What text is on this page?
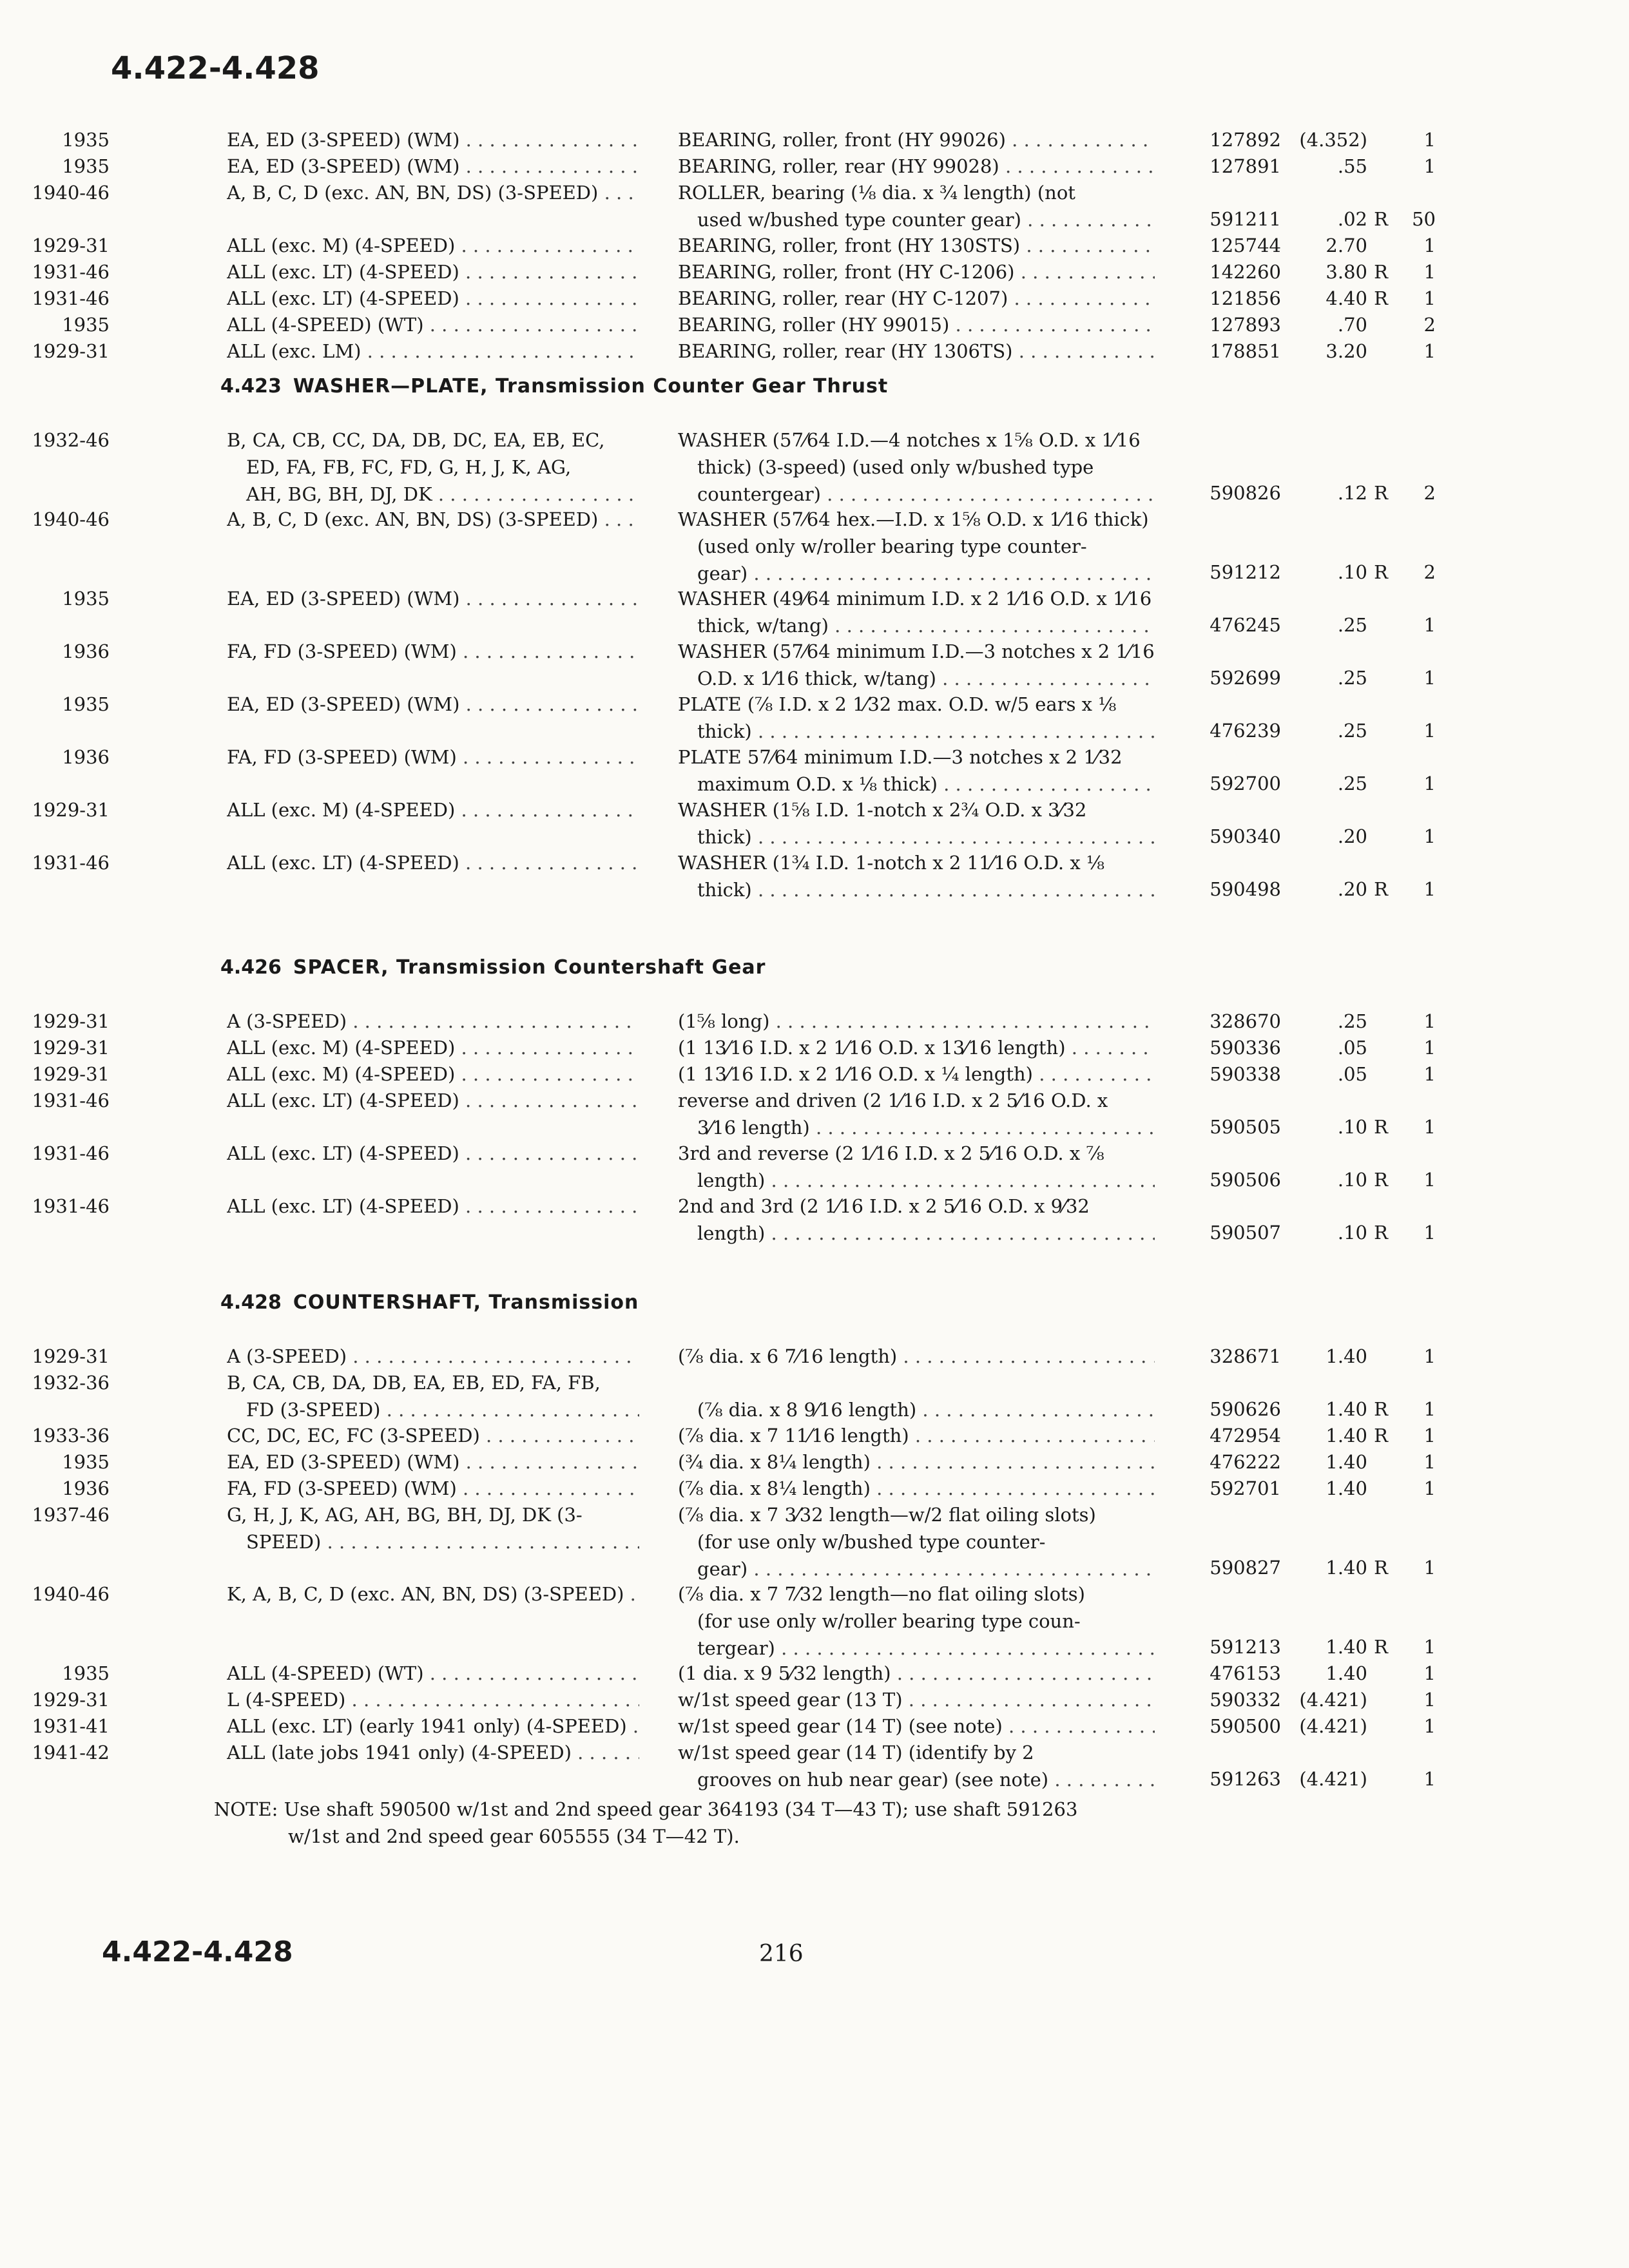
4.422-4.428
1935	EA, ED (3-SPEED) (WM) . . .	BEARING, roller, front (HY 99026) . . .	127892 (4.352)	1
1935	EA, ED (3-SPEED) (WM) . . .	BEARING, roller, rear (HY 99028) . . .	127891	.55	1
1940-46	A, B, C, D (exc. AN, BN, DS) (3-SPEED) . . .	ROLLER, bearing (⅛ dia. x ¾ length) (not
used w/bushed type counter gear) . . .	591211	.02 R	50
1929-31	ALL (exc. M) (4-SPEED) . . .	BEARING, roller, front (HY 130STS) . . .	125744	2.70	1
1931-46	ALL (exc. LT) (4-SPEED) . . .	BEARING, roller, front (HY C-1206) . . .	142260	3.80 R	1
1931-46	ALL (exc. LT) (4-SPEED) . . .	BEARING, roller, rear (HY C-1207) . . .	121856	4.40 R	1
1935	ALL (4-SPEED) (WT) . . .	BEARING, roller (HY 99015) . . .	127893	.70	2
1929-31	ALL (exc. LM) . . .	BEARING, roller, rear (HY 1306TS) . . .	178851	3.20	1
4.423 WASHER—PLATE, Transmission Counter Gear Thrust
1932-46	B, CA, CB, CC, DA, DB, DC, EA, EB, EC,
ED, FA, FB, FC, FD, G, H, J, K, AG,
AH, BG, BH, DJ, DK . . .
WASHER (57⁄64 I.D.—4 notches x 1⅝ O.D. x 1⁄16
thick) (3-speed) (used only w/bushed type
countergear) . . .	590826	.12 R	2
1940-46	A, B, C, D (exc. AN, BN, DS) (3-SPEED) . . .	WASHER (57⁄64 hex.—I.D. x 1⅝ O.D. x 1⁄16 thick)
(used only w/roller bearing type counter-
gear) . . .	591212	.10 R	2
1935	EA, ED (3-SPEED) (WM) . . .	WASHER (49⁄64 minimum I.D. x 2 1⁄16 O.D. x 1⁄16
thick, w/tang) . . .	476245	.25	1
1936	FA, FD (3-SPEED) (WM) . . .	WASHER (57⁄64 minimum I.D.—3 notches x 2 1⁄16
O.D. x 1⁄16 thick, w/tang) . . .	592699	.25	1
1935	EA, ED (3-SPEED) (WM) . . .	PLATE (⅞ I.D. x 2 1⁄32 max. O.D. w/5 ears x ⅛
thick) . . .	476239	.25	1
1936	FA, FD (3-SPEED) (WM) . . .	PLATE 57⁄64 minimum I.D.—3 notches x 2 1⁄32
maximum O.D. x ⅛ thick) . . .	592700	.25	1
1929-31	ALL (exc. M) (4-SPEED) . . .	WASHER (1⅝ I.D. 1-notch x 2¾ O.D. x 3⁄32
thick) . . .	590340	.20	1
1931-46	ALL (exc. LT) (4-SPEED) . . .	WASHER (1¾ I.D. 1-notch x 2 11⁄16 O.D. x ⅛
thick) . . .	590498	.20 R	1
4.426 SPACER, Transmission Countershaft Gear
1929-31	A (3-SPEED) . . .	(1⅝ long) . . .	328670	.25	1
1929-31	ALL (exc. M) (4-SPEED) . . .	(1 13⁄16 I.D. x 2 1⁄16 O.D. x 13⁄16 length) . . .	590336	.05	1
1929-31	ALL (exc. M) (4-SPEED) . . .	(1 13⁄16 I.D. x 2 1⁄16 O.D. x ¼ length) . . .	590338	.05	1
1931-46	ALL (exc. LT) (4-SPEED) . . .	reverse and driven (2 1⁄16 I.D. x 2 5⁄16 O.D. x
3⁄16 length) . . .	590505	.10 R	1
1931-46	ALL (exc. LT) (4-SPEED) . . .	3rd and reverse (2 1⁄16 I.D. x 2 5⁄16 O.D. x ⅞
length) . . .	590506	.10 R	1
1931-46	ALL (exc. LT) (4-SPEED) . . .	2nd and 3rd (2 1⁄16 I.D. x 2 5⁄16 O.D. x 9⁄32
length) . . .	590507	.10 R	1
4.428 COUNTERSHAFT, Transmission
1929-31	A (3-SPEED) . . .	(⅞ dia. x 6 7⁄16 length) . . .	328671	1.40	1
1932-36	B, CA, CB, DA, DB, EA, EB, ED, FA, FB,
FD (3-SPEED) . . .
	(⅞ dia. x 8 9⁄16 length) . . .	590626	1.40 R	1
1933-36	CC, DC, EC, FC (3-SPEED) . . .	(⅞ dia. x 7 11⁄16 length) . . .	472954	1.40 R	1
1935	EA, ED (3-SPEED) (WM) . . .	(¾ dia. x 8¼ length) . . .	476222	1.40	1
1936	FA, FD (3-SPEED) (WM) . . .	(⅞ dia. x 8¼ length) . . .	592701	1.40	1
1937-46	G, H, J, K, AG, AH, BG, BH, DJ, DK (3-
SPEED) . . .
(⅞ dia. x 7 3⁄32 length—w/2 flat oiling slots)
(for use only w/bushed type counter-
gear) . . .	590827	1.40 R	1
1940-46	K, A, B, C, D (exc. AN, BN, DS) (3-SPEED) . . .	(⅞ dia. x 7 7⁄32 length—no flat oiling slots)
(for use only w/roller bearing type coun-
tergear) . . .	591213	1.40 R	1
1935	ALL (4-SPEED) (WT) . . .	(1 dia. x 9 5⁄32 length) . . .	476153	1.40	1
1929-31	L (4-SPEED) . . .	w/1st speed gear (13 T) . . .	590332 (4.421)	1
1931-41	ALL (exc. LT) (early 1941 only) (4-SPEED) . . .	w/1st speed gear (14 T) (see note) . . .	590500 (4.421)	1
1941-42	ALL (late jobs 1941 only) (4-SPEED) . . .	w/1st speed gear (14 T) (identify by 2
grooves on hub near gear) (see note) . . .	591263 (4.421)	1
NOTE: Use shaft 590500 w/1st and 2nd speed gear 364193 (34 T—43 T); use shaft 591263
w/1st and 2nd speed gear 605555 (34 T—42 T).
4.422-4.428	216
